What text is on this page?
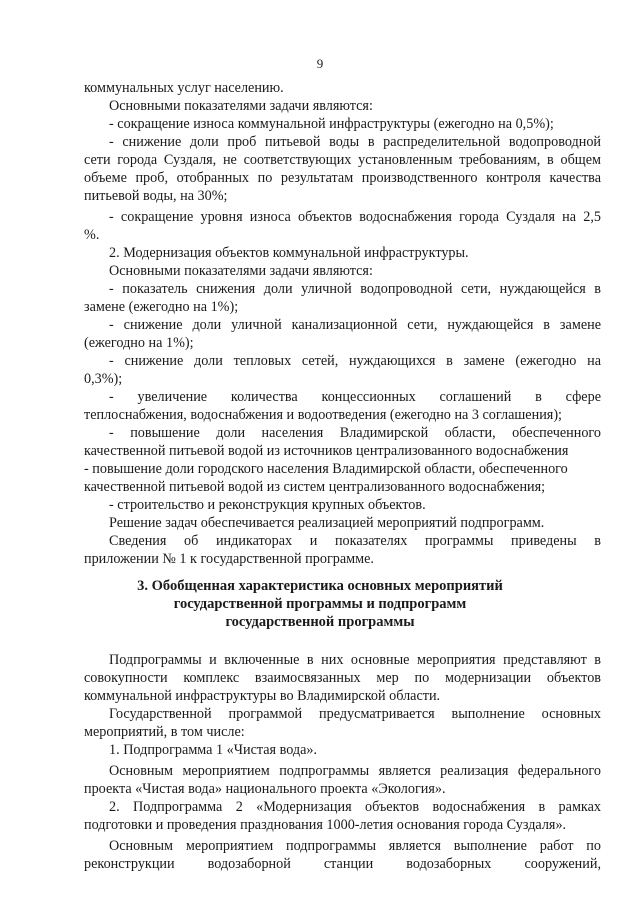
9
коммунальных услуг населению.
Основными показателями задачи являются:
- сокращение износа коммунальной инфраструктуры (ежегодно на 0,5%);
- снижение доли проб питьевой воды в распределительной водопроводной
сети города Суздаля, не соответствующих установленным требованиям, в общем
объеме проб, отобранных по результатам производственного контроля качества
питьевой воды, на 30%;
- сокращение уровня износа объектов водоснабжения города Суздаля на 2,5
%.
2. Модернизация объектов коммунальной инфраструктуры.
Основными показателями задачи являются:
- показатель снижения доли уличной водопроводной сети, нуждающейся в
замене (ежегодно на 1%);
- снижение доли уличной канализационной сети, нуждающейся в замене
(ежегодно на 1%);
- снижение доли тепловых сетей, нуждающихся в замене (ежегодно на
0,3%);
- увеличение количества концессионных соглашений в сфере
теплоснабжения, водоснабжения и водоотведения (ежегодно на 3 соглашения);
- повышение доли населения Владимирской области, обеспеченного
качественной питьевой водой из источников централизованного водоснабжения
- повышение доли городского населения Владимирской области, обеспеченного
качественной питьевой водой из систем централизованного водоснабжения;
- строительство и реконструкция крупных объектов.
Решение задач обеспечивается реализацией мероприятий подпрограмм.
Сведения об индикаторах и показателях программы приведены в
приложении № 1 к государственной программе.
3. Обобщенная характеристика основных мероприятий
государственной программы и подпрограмм
государственной программы
Подпрограммы и включенные в них основные мероприятия представляют в
совокупности комплекс взаимосвязанных мер по модернизации объектов
коммунальной инфраструктуры во Владимирской области.
Государственной программой предусматривается выполнение основных
мероприятий, в том числе:
1. Подпрограмма 1 «Чистая вода».
Основным мероприятием подпрограммы является реализация федерального
проекта «Чистая вода» национального проекта «Экология».
2. Подпрограмма 2 «Модернизация объектов водоснабжения в рамках
подготовки и проведения празднования 1000-летия основания города Суздаля».
Основным мероприятием подпрограммы является выполнение работ по
реконструкции водозаборной станции водозаборных сооружений,
